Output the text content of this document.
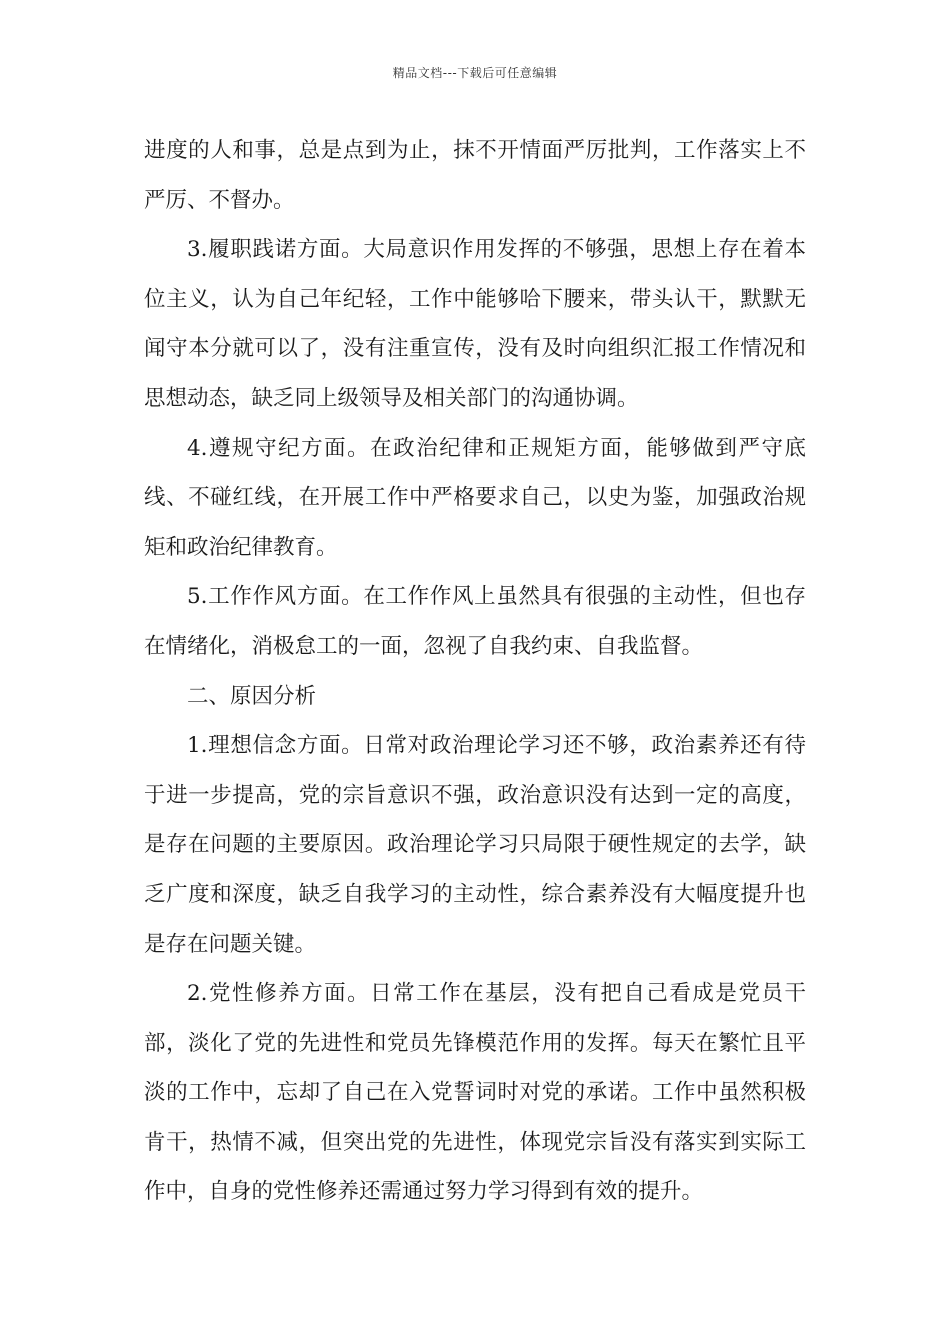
精品文档---下载后可任意编辑

进度的人和事，总是点到为止，抹不开情面严厉批判，工作落实上不严厉、不督办。

3.履职践诺方面。大局意识作用发挥的不够强，思想上存在着本位主义，认为自己年纪轻，工作中能够哈下腰来，带头认干，默默无闻守本分就可以了，没有注重宣传，没有及时向组织汇报工作情况和思想动态，缺乏同上级领导及相关部门的沟通协调。

4.遵规守纪方面。在政治纪律和正规矩方面，能够做到严守底线、不碰红线，在开展工作中严格要求自己，以史为鉴，加强政治规矩和政治纪律教育。

5.工作作风方面。在工作作风上虽然具有很强的主动性，但也存在情绪化，消极怠工的一面，忽视了自我约束、自我监督。

二、原因分析

1.理想信念方面。日常对政治理论学习还不够，政治素养还有待于进一步提高，党的宗旨意识不强，政治意识没有达到一定的高度，是存在问题的主要原因。政治理论学习只局限于硬性规定的去学，缺乏广度和深度，缺乏自我学习的主动性，综合素养没有大幅度提升也是存在问题关键。

2.党性修养方面。日常工作在基层，没有把自己看成是党员干部，淡化了党的先进性和党员先锋模范作用的发挥。每天在繁忙且平淡的工作中，忘却了自己在入党誓词时对党的承诺。工作中虽然积极肯干，热情不减，但突出党的先进性，体现党宗旨没有落实到实际工作中，自身的党性修养还需通过努力学习得到有效的提升。
